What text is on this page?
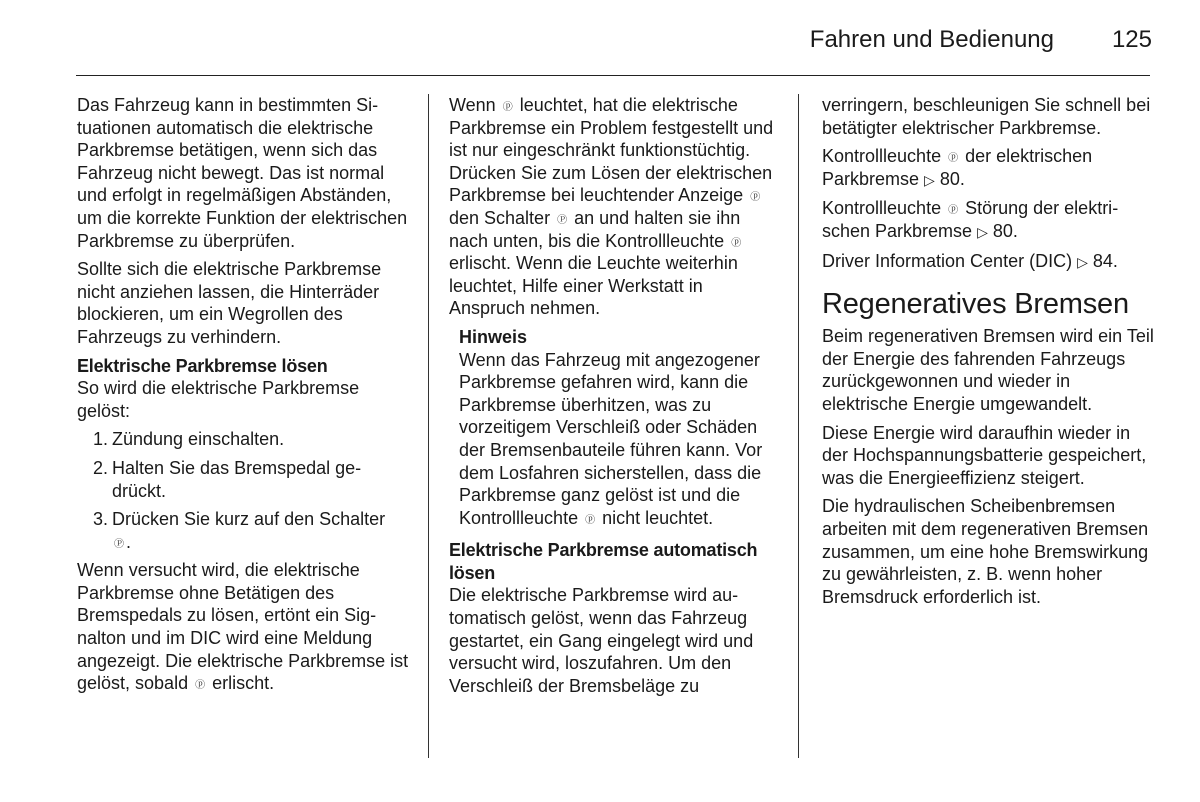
Fahren und Bedienung 125

Das Fahrzeug kann in bestimmten Situationen automatisch die elektrische Parkbremse betätigen, wenn sich das Fahrzeug nicht bewegt. Das ist normal und erfolgt in regelmäßigen Abständen, um die korrekte Funktion der elektrischen Parkbremse zu überprüfen.

Sollte sich die elektrische Parkbremse nicht anziehen lassen, die Hinterräder blockieren, um ein Wegrollen des Fahrzeugs zu verhindern.

Elektrische Parkbremse lösen

So wird die elektrische Parkbremse gelöst:

1. Zündung einschalten.
2. Halten Sie das Bremspedal gedrückt.
3. Drücken Sie kurz auf den Schalter
Ⓟ .

Wenn versucht wird, die elektrische Parkbremse ohne Betätigen des Bremspedals zu lösen, ertönt ein Signalton und im DIC wird eine Meldung angezeigt. Die elektrische Parkbremse ist gelöst, sobald ⓟ erlischt.

Wenn ⓟ leuchtet, hat die elektrische Parkbremse ein Problem festgestellt und ist nur eingeschränkt funktionstüchtig. Drücken Sie zum Lösen der elektrischen Parkbremse bei leuchtender Anzeige ⓟ den Schalter Ⓟ an und halten sie ihn nach unten, bis die Kontrollleuchte ⓟ erlischt. Wenn die Leuchte weiterhin leuchtet, Hilfe einer Werkstatt in Anspruch nehmen.

Hinweis
Wenn das Fahrzeug mit angezogener Parkbremse gefahren wird, kann die Parkbremse überhitzen, was zu vorzeitigem Verschleiß oder Schäden der Bremsenbauteile führen kann. Vor dem Losfahren sicherstellen, dass die Parkbremse ganz gelöst ist und die Kontrollleuchte ⓟ nicht leuchtet.
Elektrische Parkbremse automatisch lösen

Die elektrische Parkbremse wird automatisch gelöst, wenn das Fahrzeug gestartet, ein Gang eingelegt wird und versucht wird, loszufahren. Um den Verschleiß der Bremsbeläge zu

verringern, beschleunigen Sie schnell bei betätigter elektrischer Parkbremse.

Kontrollleuchte ⓟ der elektrischen Parkbremse ▷ 80.

Kontrollleuchte ⓟ Störung der elektrischen Parkbremse ▷ 80.

Driver Information Center (DIC) ▷ 84.

Regeneratives Bremsen

Beim regenerativen Bremsen wird ein Teil der Energie des fahrenden Fahrzeugs zurückgewonnen und wieder in elektrische Energie umgewandelt.

Diese Energie wird daraufhin wieder in der Hochspannungsbatterie gespeichert, was die Energieeffizienz steigert.

Die hydraulischen Scheibenbremsen arbeiten mit dem regenerativen Bremsen zusammen, um eine hohe Bremswirkung zu gewährleisten, z. B. wenn hoher Bremsdruck erforderlich ist.
